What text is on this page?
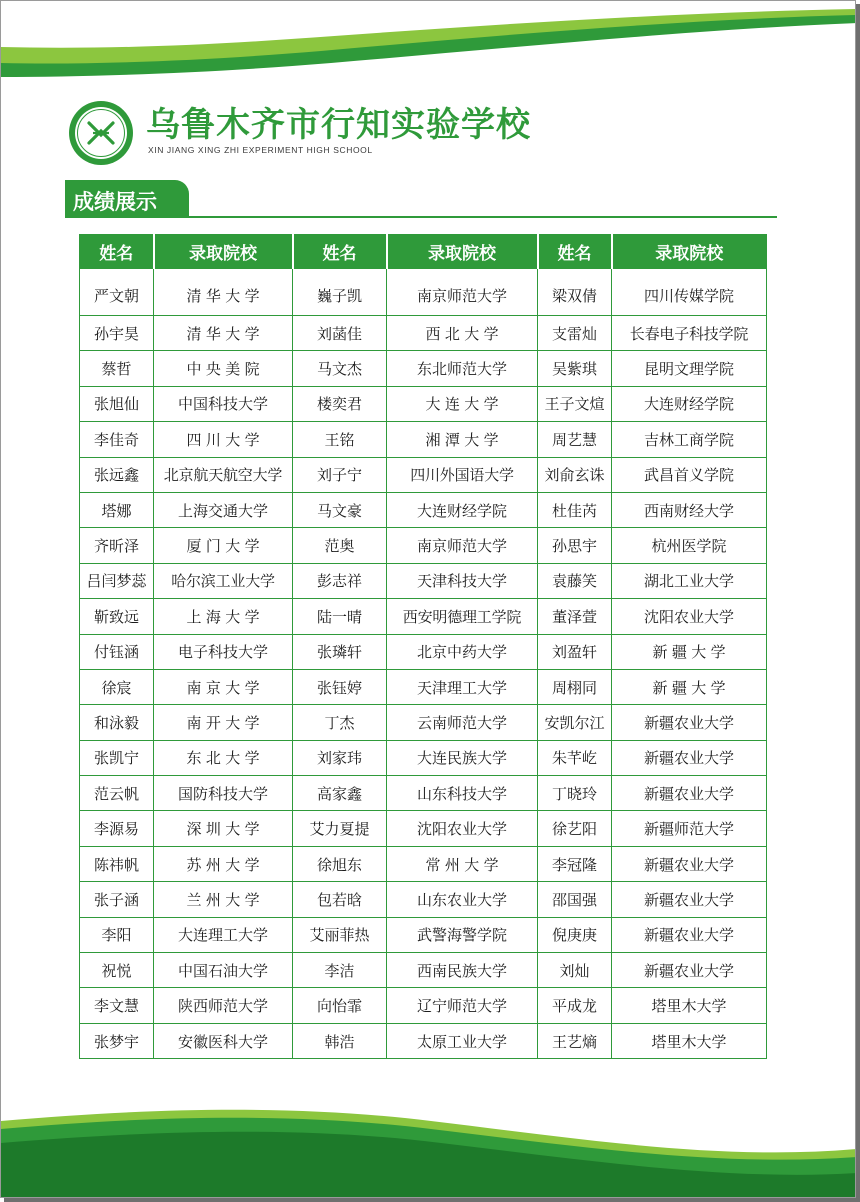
乌鲁木齐市行知实验学校
XIN JIANG XING ZHI EXPERIMENT HIGH SCHOOL
成绩展示
姓名	录取院校	姓名	录取院校	姓名	录取院校
严文朝	清 华 大 学	巍子凯	南京师范大学	梁双倩	四川传媒学院
孙宇昊	清 华 大 学	刘菡佳	西 北 大 学	支雷灿	长春电子科技学院
蔡哲	中 央 美 院	马文杰	东北师范大学	吴紫琪	昆明文理学院
张旭仙	中国科技大学	楼奕君	大 连 大 学	王子文煊	大连财经学院
李佳奇	四 川 大 学	王铭	湘 潭 大 学	周艺慧	吉林工商学院
张远鑫	北京航天航空大学	刘子宁	四川外国语大学	刘俞玄诛	武昌首义学院
塔娜	上海交通大学	马文豪	大连财经学院	杜佳芮	西南财经大学
齐昕泽	厦 门 大 学	范奥	南京师范大学	孙思宇	杭州医学院
吕闫梦蕊	哈尔滨工业大学	彭志祥	天津科技大学	袁藤笑	湖北工业大学
靳致远	上 海 大 学	陆一晴	西安明德理工学院	董泽萱	沈阳农业大学
付钰涵	电子科技大学	张璘轩	北京中药大学	刘盈轩	新 疆 大 学
徐宸	南 京 大 学	张钰婷	天津理工大学	周栩同	新 疆 大 学
和泳毅	南 开 大 学	丁杰	云南师范大学	安凯尔江	新疆农业大学
张凯宁	东 北 大 学	刘家玮	大连民族大学	朱芊屹	新疆农业大学
范云帆	国防科技大学	高家鑫	山东科技大学	丁晓玲	新疆农业大学
李源易	深 圳 大 学	艾力夏提	沈阳农业大学	徐艺阳	新疆师范大学
陈祎帆	苏 州 大 学	徐旭东	常 州 大 学	李冠隆	新疆农业大学
张子涵	兰 州 大 学	包若晗	山东农业大学	邵国强	新疆农业大学
李阳	大连理工大学	艾丽菲热	武警海警学院	倪庚庚	新疆农业大学
祝悦	中国石油大学	李洁	西南民族大学	刘灿	新疆农业大学
李文慧	陕西师范大学	向怡霏	辽宁师范大学	平成龙	塔里木大学
张梦宇	安徽医科大学	韩浩	太原工业大学	王艺熵	塔里木大学
